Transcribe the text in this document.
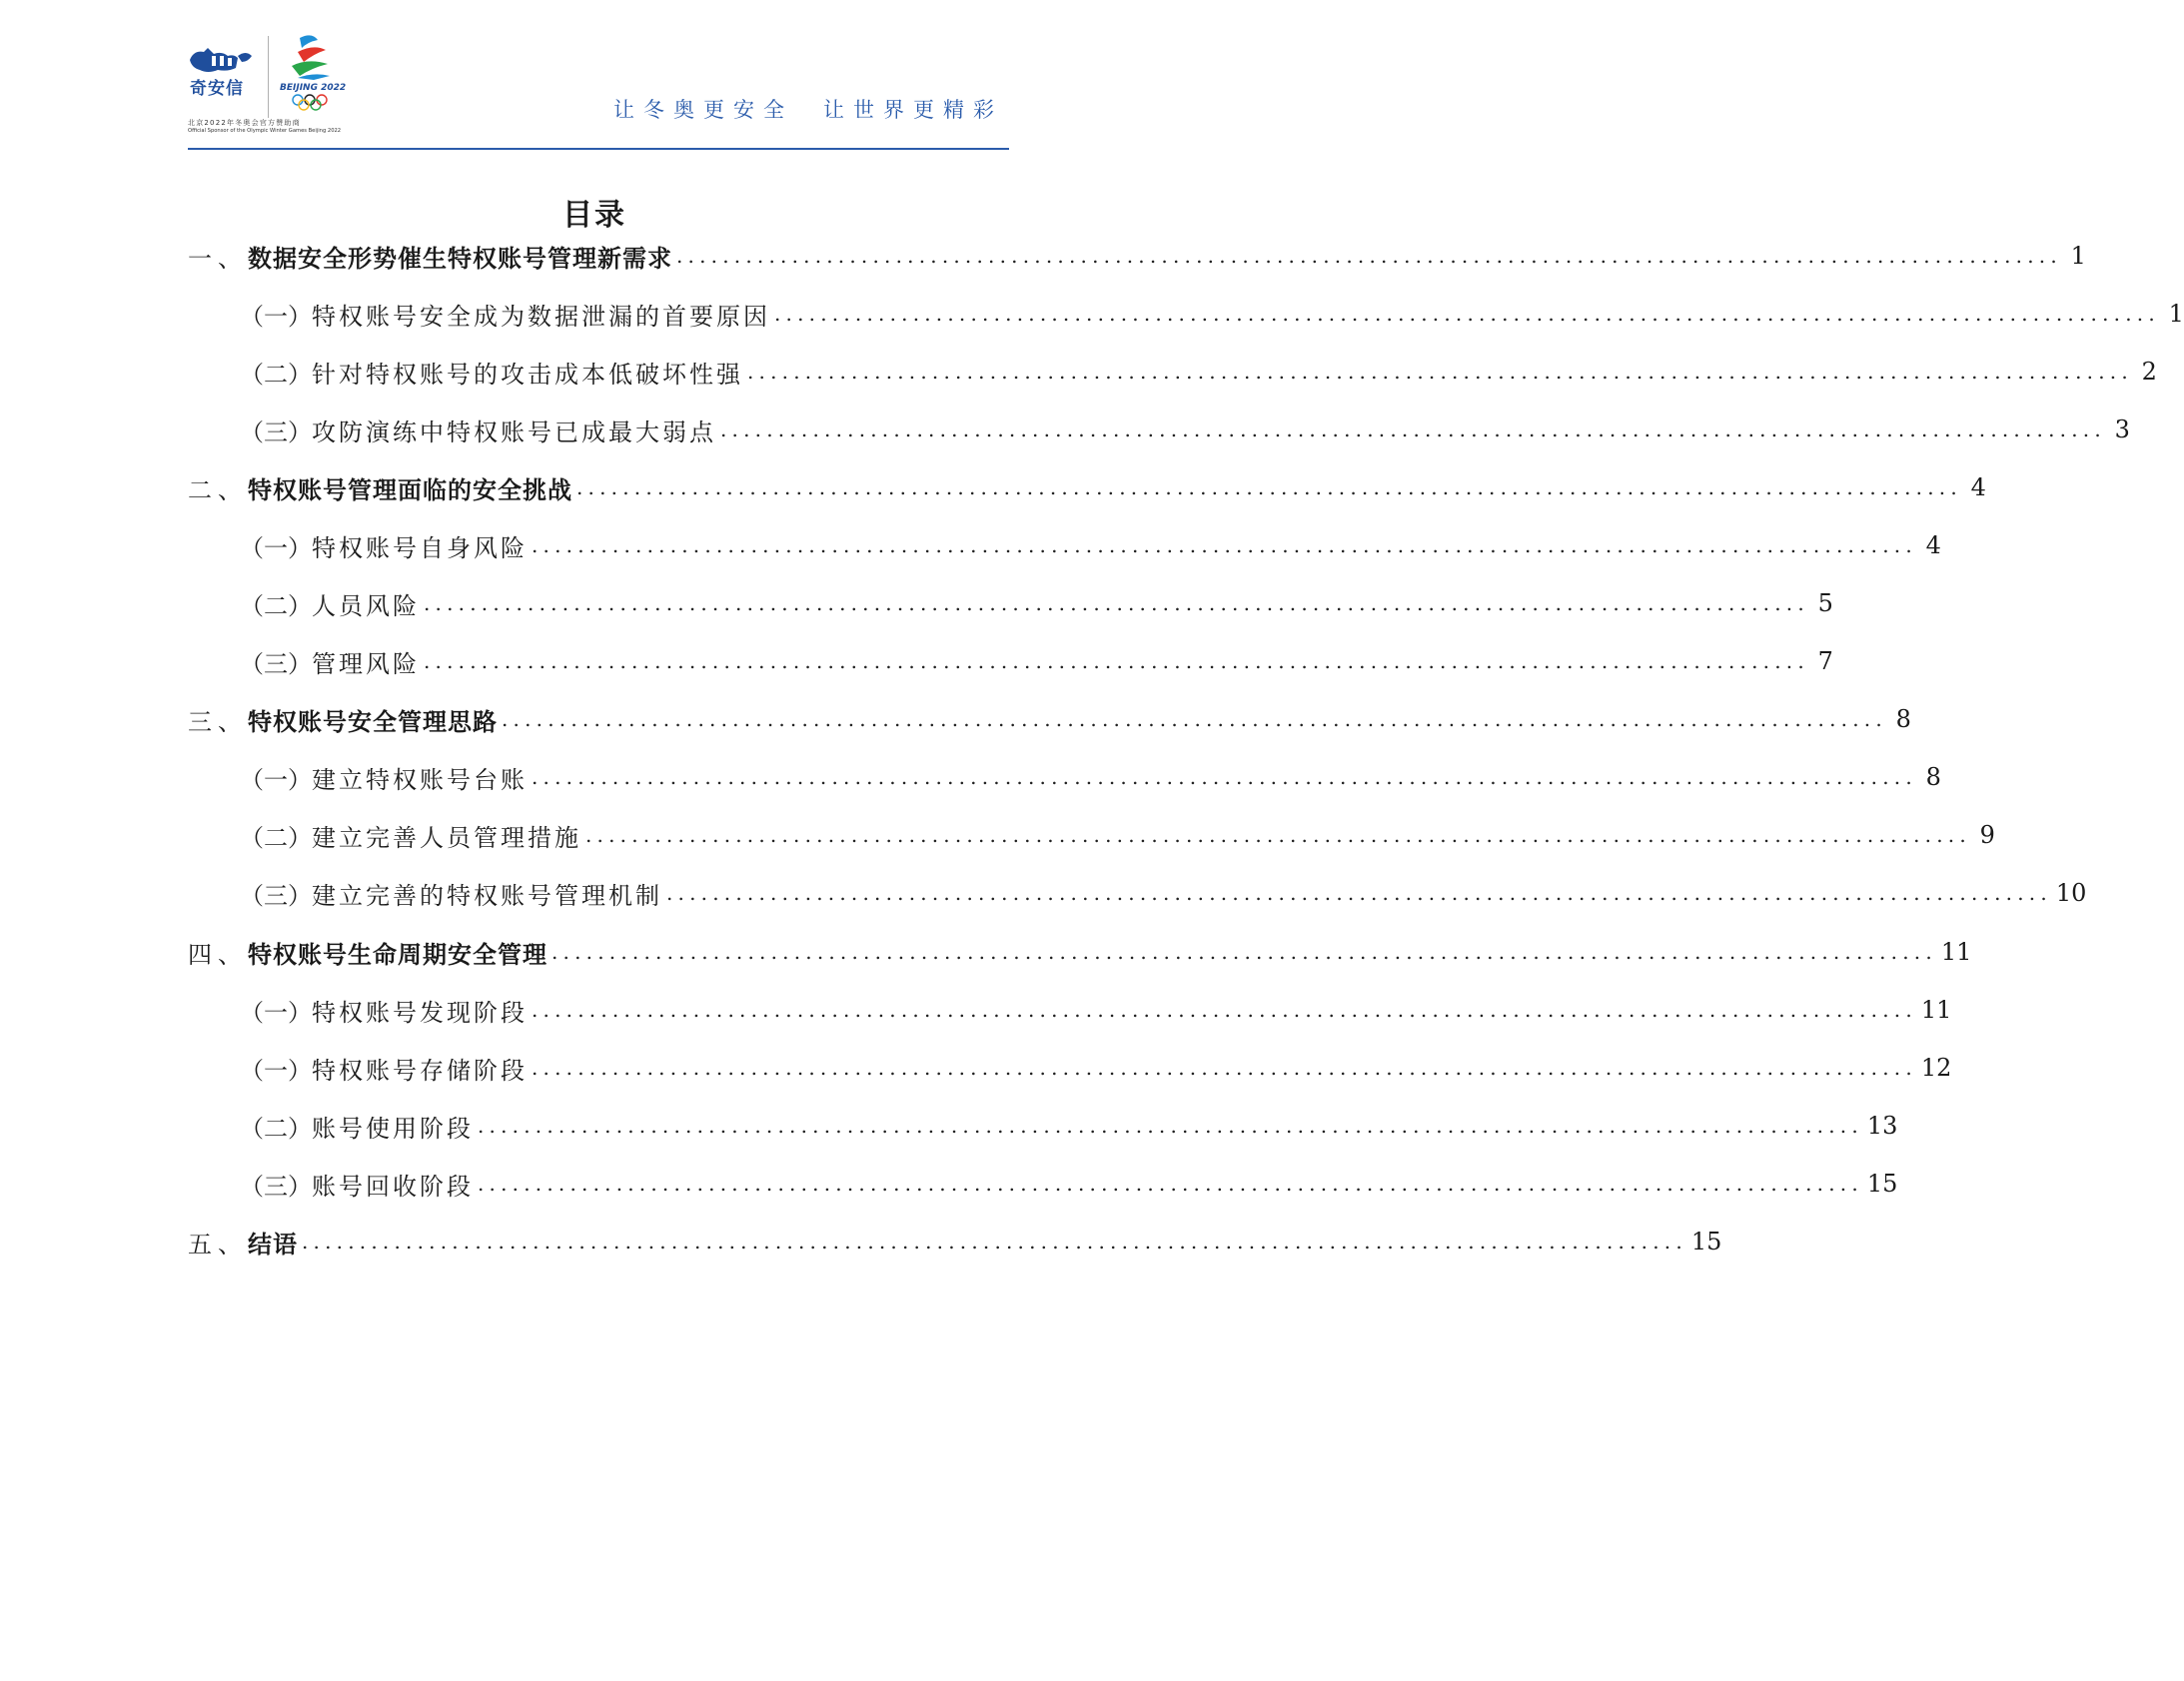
奇安信	BEIJING 2022
北京2022年冬奥会官方赞助商
Official Sponsor of the Olympic Winter Games Beijing 2022
让冬奥更安全　让世界更精彩
目录
一、 数据安全形势催生特权账号管理新需求 ........................................................................................................................ 1
（一） 特权账号安全成为数据泄漏的首要原因 ........................................................................................................................ 1
（二） 针对特权账号的攻击成本低破坏性强 ........................................................................................................................ 2
（三） 攻防演练中特权账号已成最大弱点 ........................................................................................................................ 3
二、 特权账号管理面临的安全挑战 ........................................................................................................................ 4
（一） 特权账号自身风险 ........................................................................................................................ 4
（二） 人员风险 ........................................................................................................................ 5
（三） 管理风险 ........................................................................................................................ 7
三、 特权账号安全管理思路 ........................................................................................................................ 8
（一） 建立特权账号台账 ........................................................................................................................ 8
（二） 建立完善人员管理措施 ........................................................................................................................ 9
（三） 建立完善的特权账号管理机制 ........................................................................................................................ 10
四、 特权账号生命周期安全管理 ........................................................................................................................ 11
（一） 特权账号发现阶段 ........................................................................................................................ 11
（一） 特权账号存储阶段 ........................................................................................................................ 12
（二） 账号使用阶段 ........................................................................................................................ 13
（三） 账号回收阶段 ........................................................................................................................ 15
五、 结语 ........................................................................................................................ 15
